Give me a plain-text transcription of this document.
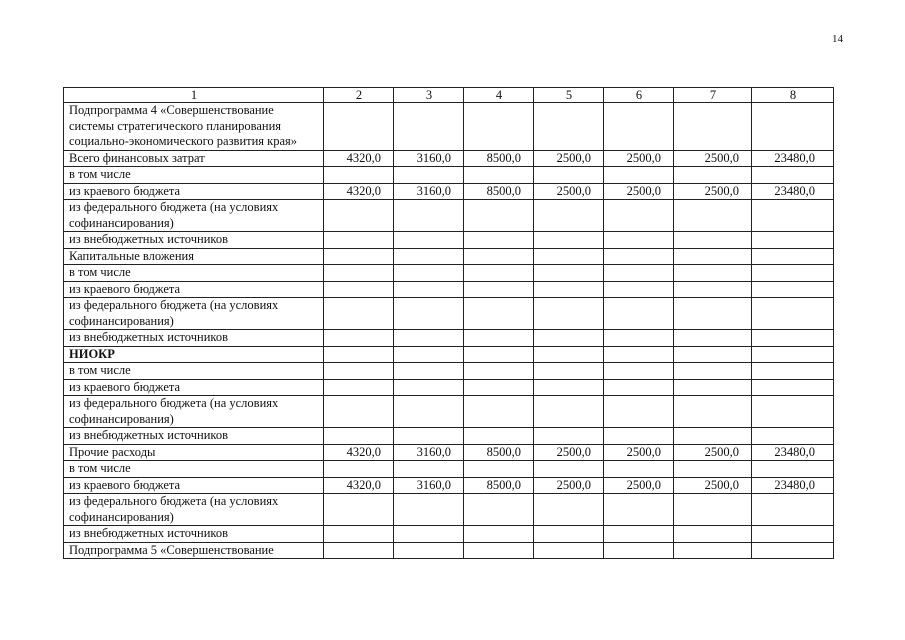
14
1	2	3	4	5	6	7	8
Подпрограмма 4 «Совершенствование системы стратегического планирования социально-экономического развития края»							
Всего финансовых затрат	4320,0	3160,0	8500,0	2500,0	2500,0	2500,0	23480,0
в том числе							
из краевого бюджета	4320,0	3160,0	8500,0	2500,0	2500,0	2500,0	23480,0
из федерального бюджета (на условиях софинансирования)							
из внебюджетных источников							
Капитальные вложения							
в том числе							
из краевого бюджета							
из федерального бюджета (на условиях софинансирования)							
из внебюджетных источников							
НИОКР							
в том числе							
из краевого бюджета							
из федерального бюджета (на условиях софинансирования)							
из внебюджетных источников							
Прочие расходы	4320,0	3160,0	8500,0	2500,0	2500,0	2500,0	23480,0
в том числе							
из краевого бюджета	4320,0	3160,0	8500,0	2500,0	2500,0	2500,0	23480,0
из федерального бюджета (на условиях софинансирования)							
из внебюджетных источников							
Подпрограмма 5 «Совершенствование							
